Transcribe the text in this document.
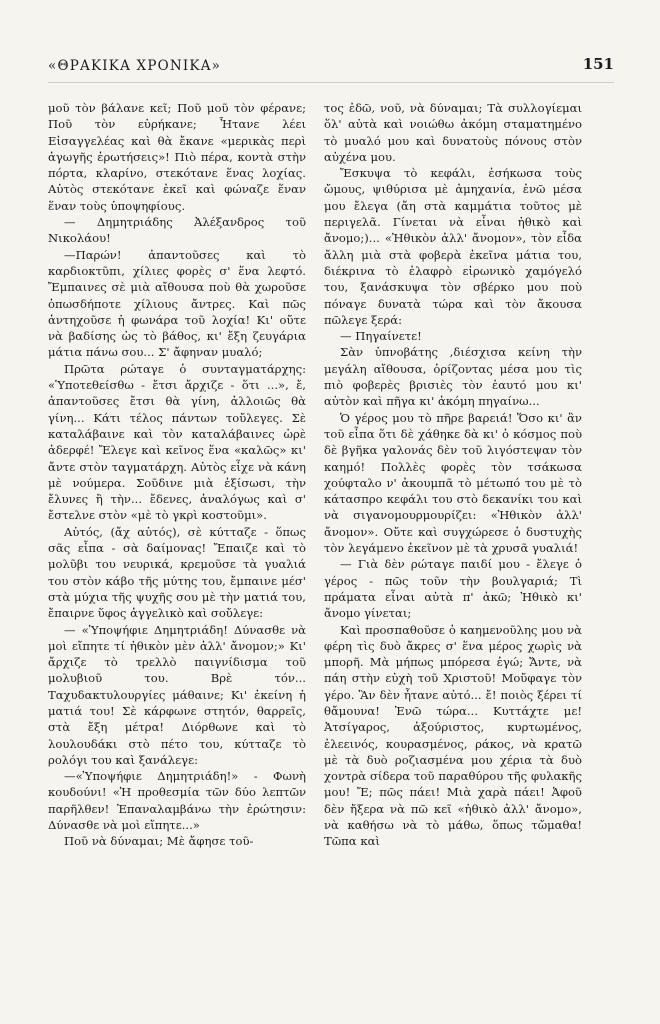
«ΘΡΑΚΙΚΑ ΧΡΟΝΙΚΑ»	151

μοῦ τὸν βάλανε κεῖ; Ποῦ μοῦ τὸν φέρανε; Ποῦ τὸν εὑρήκανε; Ἦτανε λέει Εἰσαγγελέας καὶ θὰ ἔκανε «μερικὰς περὶ ἀγωγῆς ἐρωτήσεις»! Πιὸ πέρα, κοντὰ στὴν πόρτα, κλαρίνο, στεκότανε ἕνας λοχίας. Αὐτὸς στεκότανε ἐκεῖ καὶ φώναζε ἕναν ἕναν τοὺς ὑποψηφίους.

— Δημητριάδης Ἀλέξανδρος τοῦ Νικολάου!

—Παρών! ἀπαντοῦσες καὶ τὸ καρδιοκτῦπι, χίλιες φορὲς σ' ἕνα λεφτό. Ἔμπαινες σὲ μιὰ αἴθουσα ποὺ θὰ χωροῦσε ὁπωσδήποτε χίλιους ἄντρες. Καὶ πῶς ἀντηχοῦσε ἡ φωνάρα τοῦ λοχία! Κι' οὔτε νὰ βαδίσης ὡς τὸ βάθος, κι' ἔξη ζευγάρια μάτια πάνω σου... Σ' ἄφηναν μυαλό;

Πρῶτα ρώταγε ὁ συνταγματάρχης: «Ὑποτεθείσθω - ἔτσι ἄρχιζε - ὅτι ...», ἔ, ἀπαντοῦσες ἔτσι θὰ γίνη, ἀλλοιῶς θὰ γίνη... Κάτι τέλος πάντων τοὔλεγες. Σὲ καταλάβαινε καὶ τὸν καταλάβαινες ὡρὲ ἀδερφέ! Ἔλεγε καὶ κεῖνος ἕνα «καλῶς» κι' ἄντε στὸν ταγματάρχη. Αὐτὸς εἶχε νὰ κάνη μὲ νούμερα. Σοῦδινε μιὰ ἐξίσωσι, τὴν ἔλυνες ἢ τὴν... ἔδενες, ἀναλόγως καὶ σ' ἔστελνε στὸν «μὲ τὸ γκρὶ κοστοῦμι».

Αὐτός, (ἄχ αὐτός), σὲ κύτταζε - ὅπως σᾶς εἶπα - σὰ δαίμονας! Ἔπαιζε καὶ τὸ μολῦβι του νευρικά, κρεμοῦσε τὰ γυαλιά του στὸν κάβο τῆς μύτης του, ἔμπαινε μέσ' στὰ μύχια τῆς ψυχῆς σου μὲ τὴν ματιά του, ἔπαιρνε ὕφος ἀγγελικὸ καὶ σοὔλεγε:

— «Ὑποψήφιε Δημητριάδη! Δύνασθε νὰ μοὶ εἴπητε τί ἠθικὸν μὲν ἀλλ' ἄνομον;» Κι' ἄρχιζε τὸ τρελλὸ παιγνίδισμα τοῦ μολυβιοῦ του. Βρὲ τόν... Ταχυδακτυλουργίες μάθαινε; Κι' ἐκείνη ἡ ματιά του! Σὲ κάρφωνε στητόν, θαρρεῖς, στὰ ἔξη μέτρα! Διόρθωνε καὶ τὸ λουλουδάκι στὸ πέτο του, κύτταζε τὸ ρολόγι του καὶ ξανάλεγε:

—«Ὑποψήφιε Δημητριάδη!» - Φωνὴ κουδούνι! «Ἡ προθεσμία τῶν δύο λεπτῶν παρῆλθεν! Ἐπαναλαμβάνω τὴν ἐρώτησιν: Δύνασθε νὰ μοὶ εἴπητε...»

Ποῦ νὰ δύναμαι; Μὲ ἄφησε τοῦ-

τος ἐδῶ, νοῦ, νὰ δύναμαι; Τὰ συλλογίεμαι ὅλ' αὐτὰ καὶ νοιώθω ἀκόμη σταματημένο τὸ μυαλό μου καὶ δυνατοὺς πόνους στὸν αὐχένα μου.

Ἔσκυψα τὸ κεφάλι, ἐσήκωσα τοὺς ὤμους, ψιθύρισα μὲ ἀμηχανία, ἐνῶ μέσα μου ἔλεγα (ἄη στὰ καμμάτια τοῦτος μὲ περιγελᾶ. Γίνεται νὰ εἶναι ἠθικὸ καὶ ἄνομο;)... «Ἠθικὸν ἀλλ' ἄνομον», τὸν εἶδα ἄλλη μιὰ στὰ φοβερὰ ἐκεῖνα μάτια του, διέκρινα τὸ ἐλαφρὸ εἰρωνικὸ χαμόγελό του, ξανάσκυψα τὸν σβέρκο μου ποὺ πόναγε δυνατὰ τώρα καὶ τὸν ἄκουσα πῶλεγε ξερά:

— Πηγαίνετε!

Σὰν ὑπνοβάτης ,διέσχισα κείνη τὴν μεγάλη αἴθουσα, ὁρίζοντας μέσα μου τὶς πιὸ φοβερὲς βρισιὲς τὸν ἑαυτό μου κι' αὐτὸν καὶ πῆγα κι' ἀκόμη πηγαίνω...

Ὁ γέρος μου τὸ πῆρε βαρειά! Ὅσο κι' ἂν τοῦ εἶπα ὅτι δὲ χάθηκε δὰ κι' ὁ κόσμος ποὺ δὲ βγῆκα γαλονάς δὲν τοῦ λιγόστεψαν τὸν καημό! Πολλὲς φορὲς τὸν τσάκωσα χούφταλο ν' ἀκουμπᾶ τὸ μέτωπό του μὲ τὸ κάτασπρο κεφάλι του στὸ δεκανίκι του καὶ νὰ σιγανομουρμουρίζει: «Ἠθικὸν ἀλλ' ἄνομον». Οὔτε καὶ συγχώρεσε ὁ δυστυχὴς τὸν λεγάμενο ἐκεῖνον μὲ τὰ χρυσᾶ γυαλιά!

— Γιὰ δὲν ρώταγε παιδί μου - ἔλεγε ὁ γέρος - πῶς τοῦν τὴν βουλγαριά; Τὶ πράματα εἶναι αὐτὰ π' ἀκῶ; Ἠθικὸ κι' ἄνομο γίνεται;

Καὶ προσπαθοῦσε ὁ καημενοῦλης μου νὰ φέρη τὶς δυὸ ἄκρες σ' ἕνα μέρος χωρὶς νὰ μπορῆ. Μὰ μήπως μπόρεσα ἐγώ; Ἄντε, νὰ πάη στὴν εὐχὴ τοῦ Χριστοῦ! Μοὔφαγε τὸν γέρο. Ἂν δὲν ἦτανε αὐτό... ἔ! ποιὸς ξέρει τί θἄμουνα! Ἐνῶ τώρα... Κυττάχτε με! Ἀτσίγαρος, ἀξούριστος, κυρτωμένος, ἐλεεινός, κουρασμένος, ράκος, νὰ κρατῶ μὲ τὰ δυὸ ροζιασμένα μου χέρια τὰ δυὸ χοντρὰ σίδερα τοῦ παραθύρου τῆς φυλακῆς μου! Ἔ; πῶς πάει! Μιὰ χαρὰ πάει! Ἀφοῦ δὲν ἤξερα νὰ πῶ κεῖ «ἠθικὸ ἀλλ' ἄνομο», νὰ καθήσω νὰ τὸ μάθω, ὅπως τὤμαθα! Τῶπα καὶ
